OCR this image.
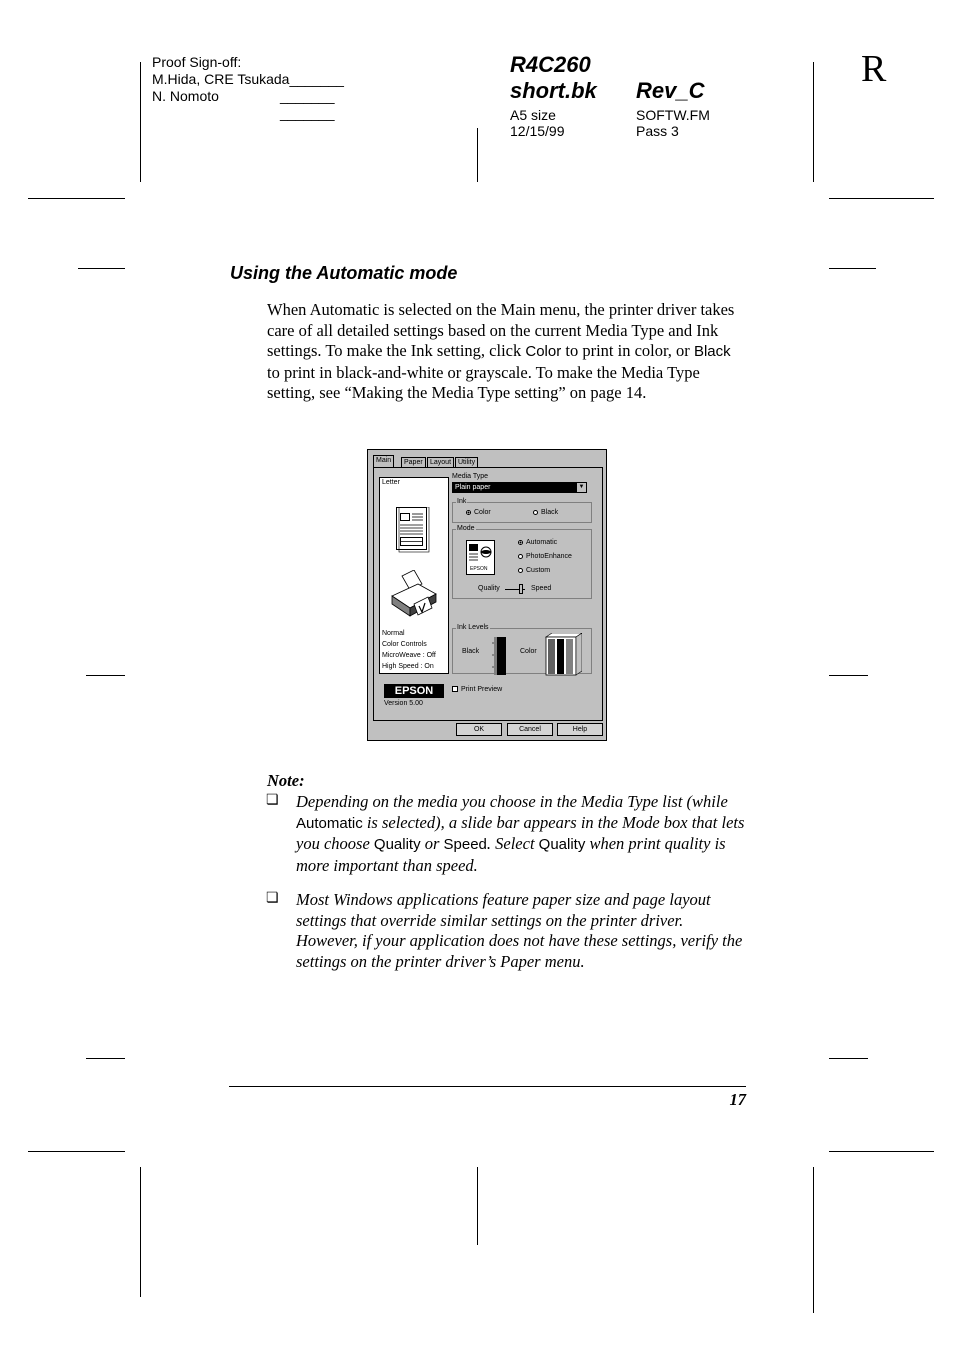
Proof Sign-off:
M.Hida, CRE Tsukada_______
N. Nomoto	_______
_______
R4C260
short.bk Rev_C
A5 size
12/15/99
SOFTW.FM
Pass 3
R
Using the Automatic mode
When Automatic is selected on the Main menu, the printer driver takes care of all detailed settings based on the current Media Type and Ink settings. To make the Ink setting, click Color to print in color, or Black to print in black-and-white or grayscale. To make the Media Type setting, see “Making the Media Type setting” on page 14.
Main	Paper	Layout Utility
Letter
Normal
Color Controls
MicroWeave : Off
High Speed : On
Media Type
Plain paper	▼
Ink
Color	Black
Mode
EPSON
Automatic
PhotoEnhance
Custom
Quality	Speed
Ink Levels
Black	Color
EPSON
Version 5.00
Print Preview
OK	Cancel	Help
Note:
❏ Depending on the media you choose in the Media Type list (while Automatic is selected), a slide bar appears in the Mode box that lets you choose Quality or Speed. Select Quality when print quality is more important than speed.
❏ Most Windows applications feature paper size and page layout settings that override similar settings on the printer driver. However, if your application does not have these settings, verify the settings on the printer driver’s Paper menu.
17
